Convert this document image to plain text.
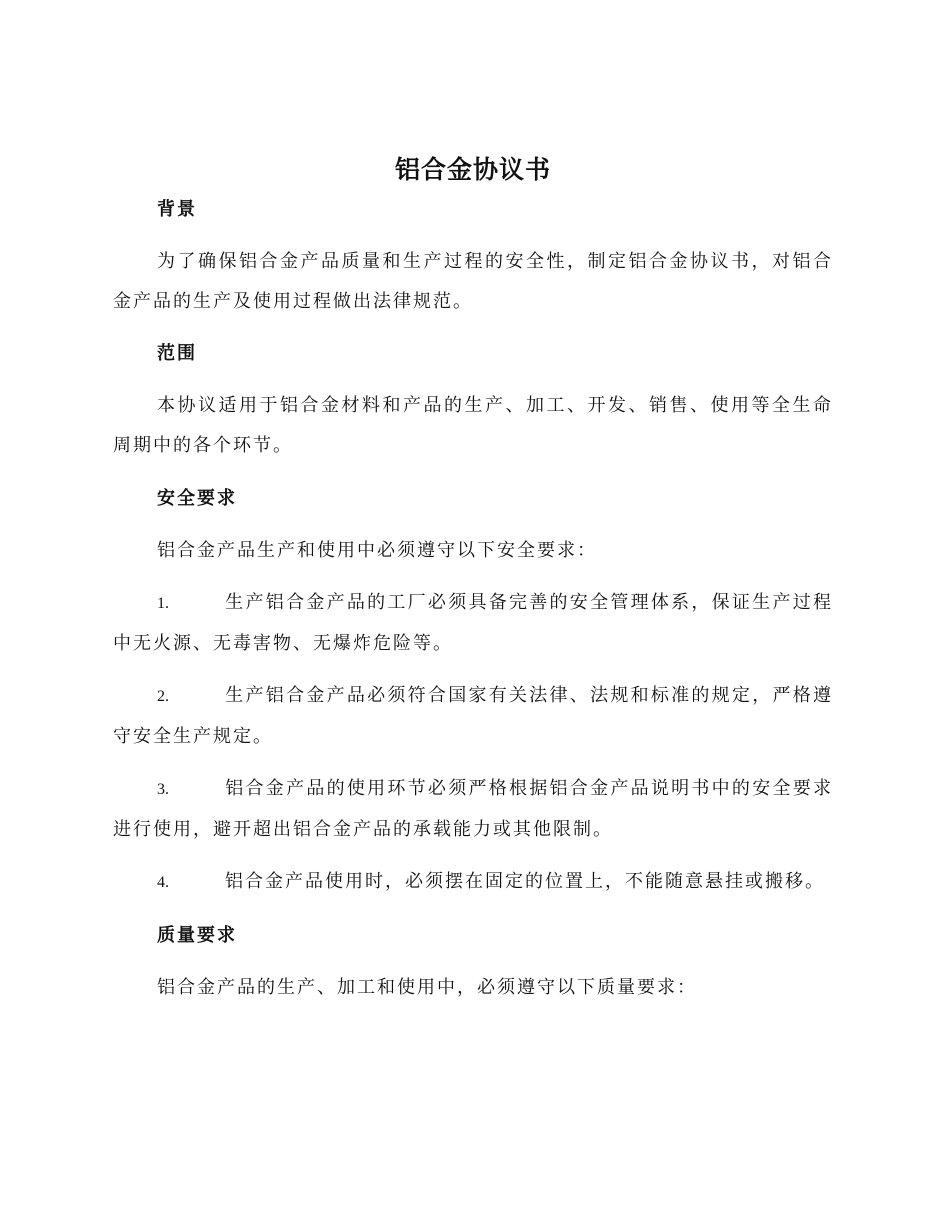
铝合金协议书
背景

为了确保铝合金产品质量和生产过程的安全性，制定铝合金协议书，对铝合金产品的生产及使用过程做出法律规范。

范围

本协议适用于铝合金材料和产品的生产、加工、开发、销售、使用等全生命周期中的各个环节。

安全要求

铝合金产品生产和使用中必须遵守以下安全要求：

1.	生产铝合金产品的工厂必须具备完善的安全管理体系，保证生产过程中无火源、无毒害物、无爆炸危险等。

2.	生产铝合金产品必须符合国家有关法律、法规和标准的规定，严格遵守安全生产规定。

3.	铝合金产品的使用环节必须严格根据铝合金产品说明书中的安全要求进行使用，避开超出铝合金产品的承载能力或其他限制。

4.	铝合金产品使用时，必须摆在固定的位置上，不能随意悬挂或搬移。

质量要求

铝合金产品的生产、加工和使用中，必须遵守以下质量要求：
